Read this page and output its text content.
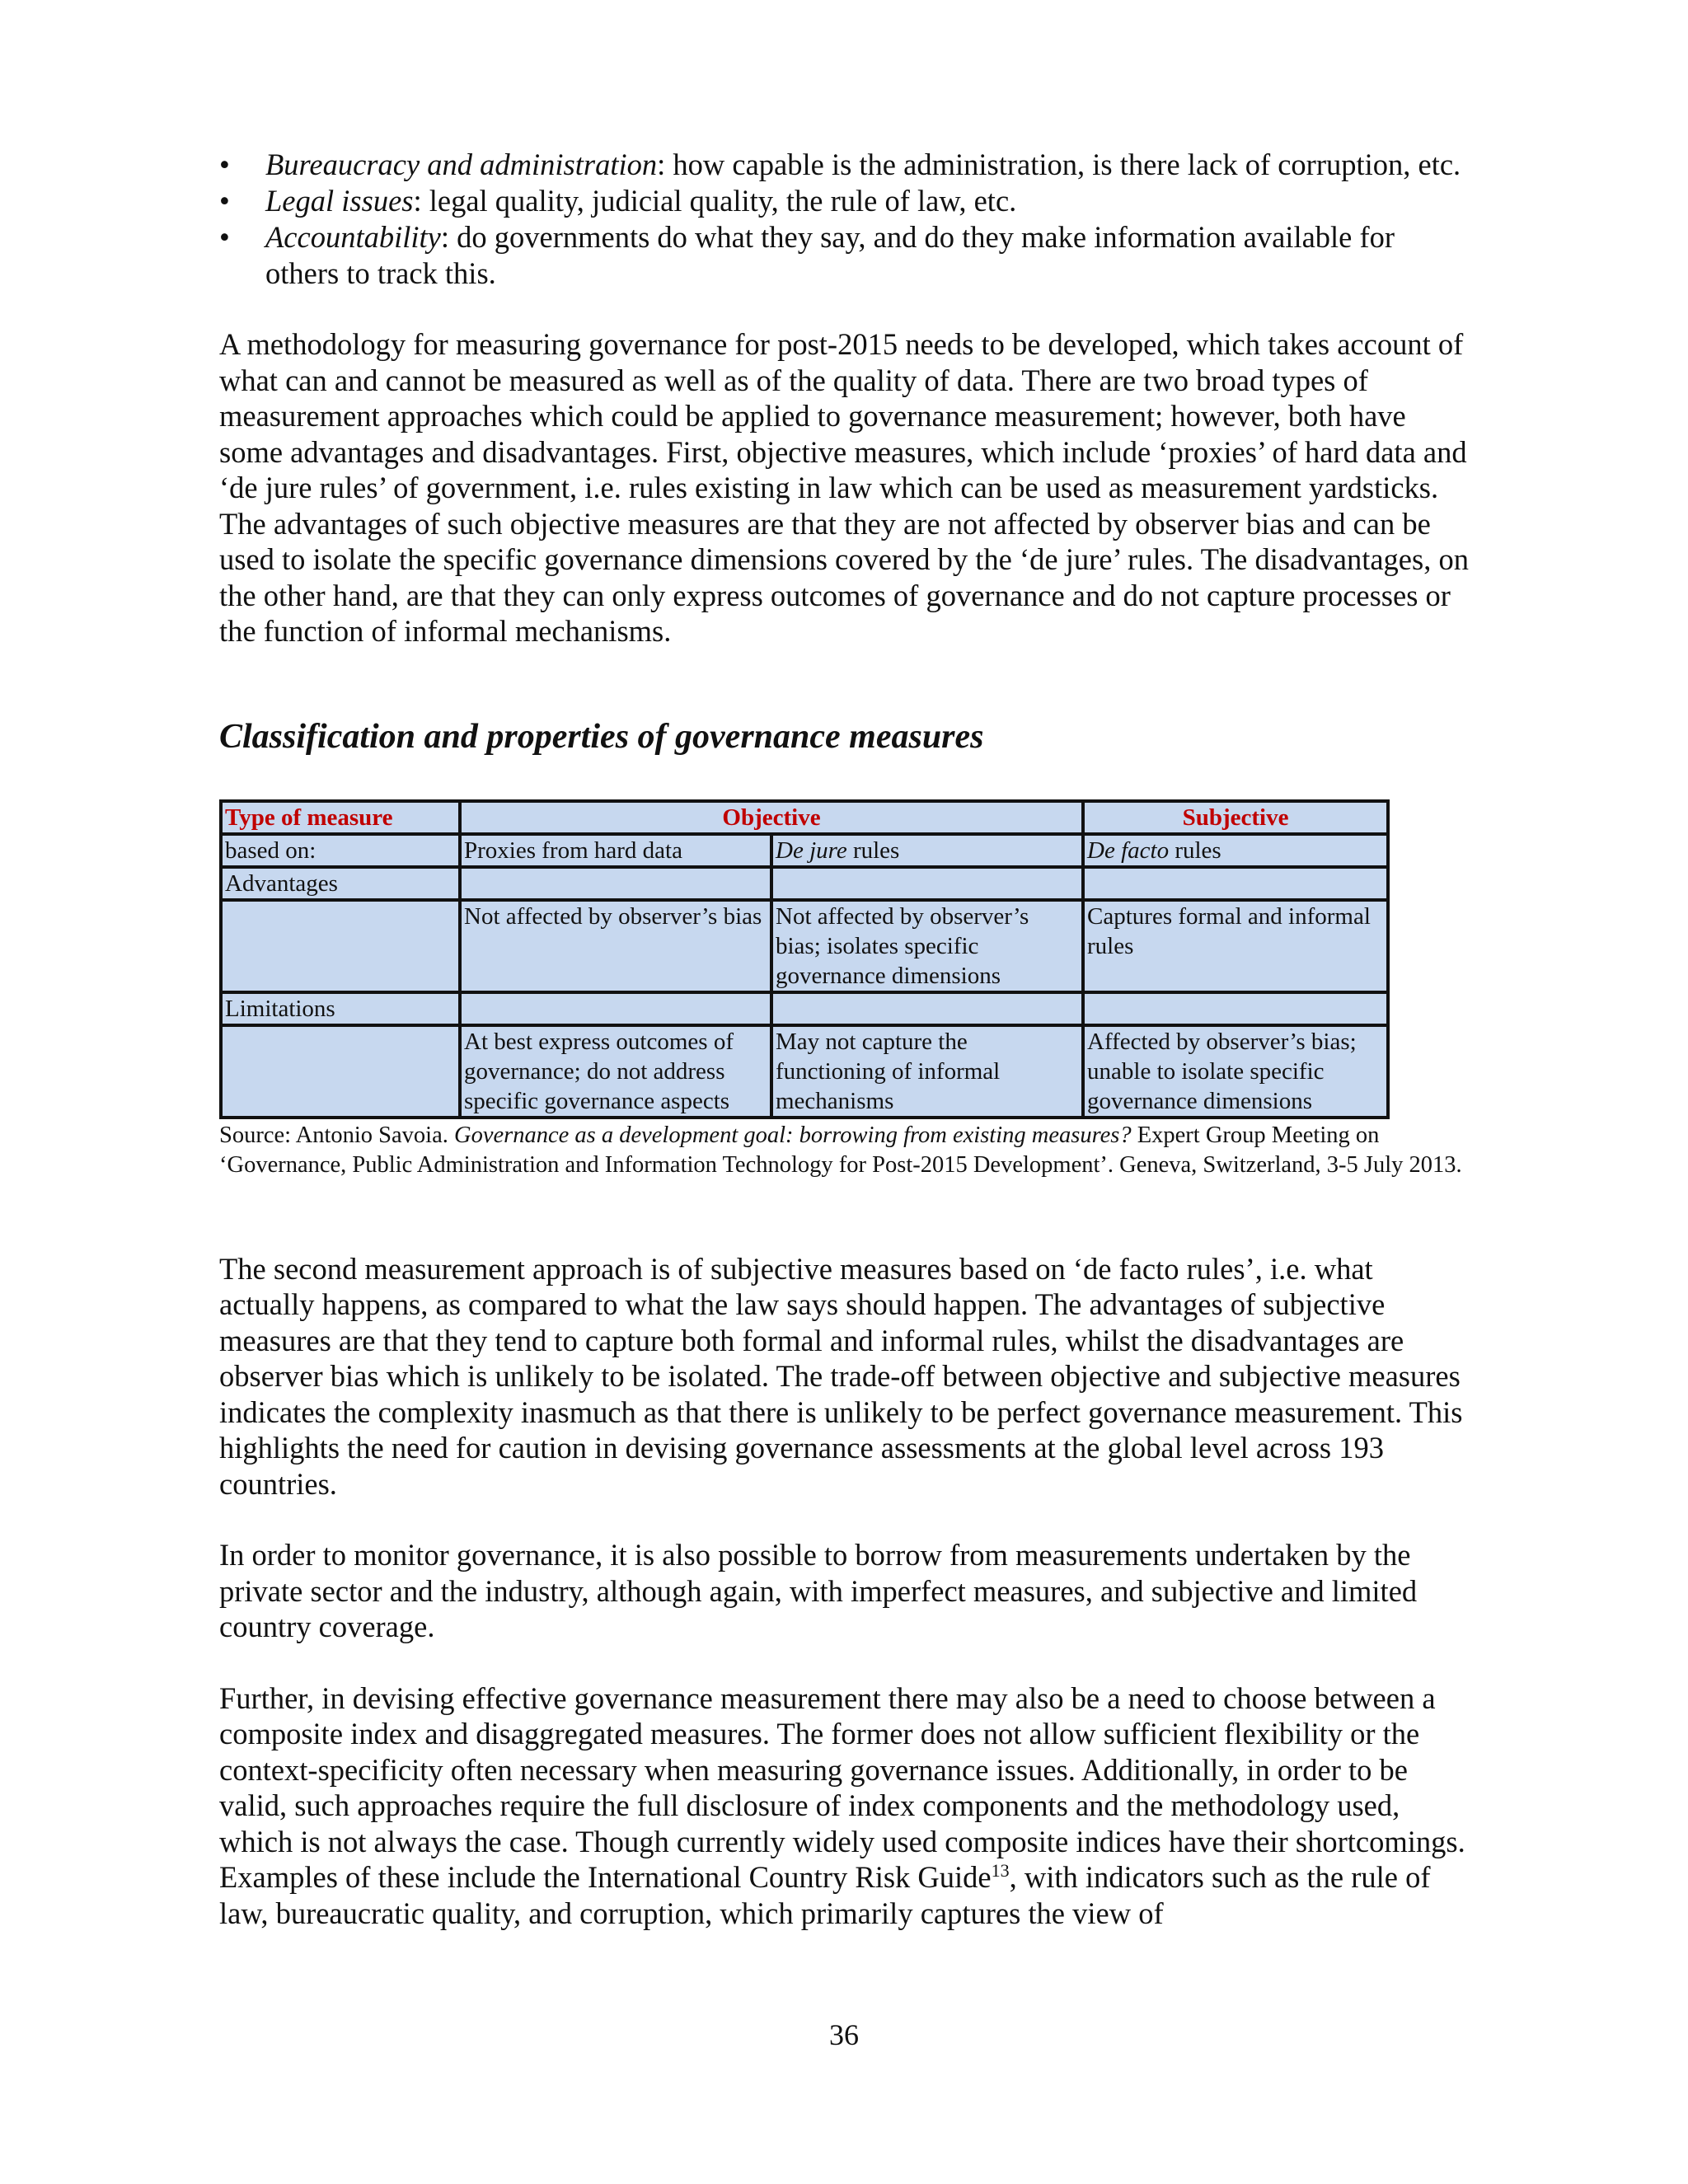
• Bureaucracy and administration: how capable is the administration, is there lack of corruption, etc.
• Legal issues: legal quality, judicial quality, the rule of law, etc.
• Accountability: do governments do what they say, and do they make information available for others to track this.

A methodology for measuring governance for post-2015 needs to be developed, which takes account of what can and cannot be measured as well as of the quality of data. There are two broad types of measurement approaches which could be applied to governance measurement; however, both have some advantages and disadvantages. First, objective measures, which include ‘proxies’ of hard data and ‘de jure rules’ of government, i.e. rules existing in law which can be used as measurement yardsticks. The advantages of such objective measures are that they are not affected by observer bias and can be used to isolate the specific governance dimensions covered by the ‘de jure’ rules. The disadvantages, on the other hand, are that they can only express outcomes of governance and do not capture processes or the function of informal mechanisms.

Classification and properties of governance measures
Type of measure	Objective		Subjective
based on:	Proxies from hard data	De jure rules	De facto rules
Advantages			
	Not affected by observer’s bias	Not affected by observer’s bias; isolates specific governance dimensions	Captures formal and informal rules
Limitations			
	At best express outcomes of governance; do not address specific governance aspects	May not capture the functioning of informal mechanisms	Affected by observer’s bias; unable to isolate specific governance dimensions

Source: Antonio Savoia. Governance as a development goal: borrowing from existing measures? Expert Group Meeting on ‘Governance, Public Administration and Information Technology for Post-2015 Development’. Geneva, Switzerland, 3-5 July 2013.

The second measurement approach is of subjective measures based on ‘de facto rules’, i.e. what actually happens, as compared to what the law says should happen. The advantages of subjective measures are that they tend to capture both formal and informal rules, whilst the disadvantages are observer bias which is unlikely to be isolated. The trade-off between objective and subjective measures indicates the complexity inasmuch as that there is unlikely to be perfect governance measurement. This highlights the need for caution in devising governance assessments at the global level across 193 countries.

In order to monitor governance, it is also possible to borrow from measurements undertaken by the private sector and the industry, although again, with imperfect measures, and subjective and limited country coverage.

Further, in devising effective governance measurement there may also be a need to choose between a composite index and disaggregated measures. The former does not allow sufficient flexibility or the context-specificity often necessary when measuring governance issues. Additionally, in order to be valid, such approaches require the full disclosure of index components and the methodology used, which is not always the case. Though currently widely used composite indices have their shortcomings. Examples of these include the International Country Risk Guide$^{13}$, with indicators such as the rule of law, bureaucratic quality, and corruption, which primarily captures the view of

36
